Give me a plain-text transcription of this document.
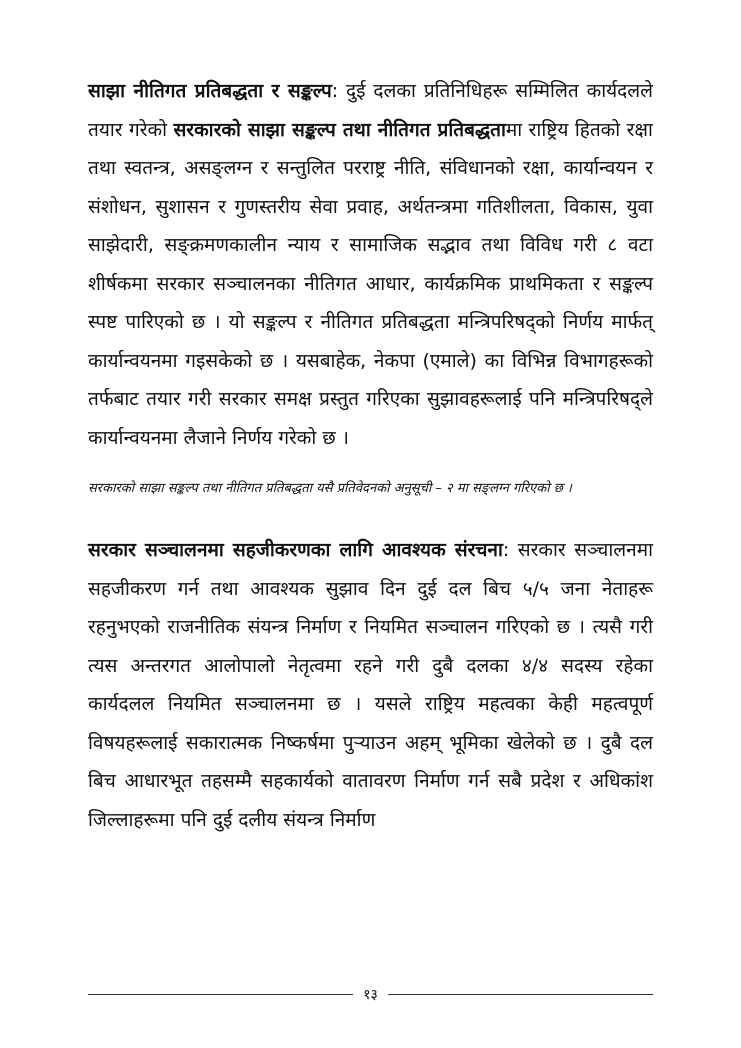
साझा नीतिगत प्रतिबद्धता र सङ्कल्प: दुई दलका प्रतिनिधिहरू सम्मिलित कार्यदलले तयार गरेको सरकारको साझा सङ्कल्प तथा नीतिगत प्रतिबद्धतामा राष्ट्रिय हितको रक्षा तथा स्वतन्त्र, असङ्लग्न र सन्तुलित परराष्ट्र नीति, संविधानको रक्षा, कार्यान्वयन र संशोधन, सुशासन र गुणस्तरीय सेवा प्रवाह, अर्थतन्त्रमा गतिशीलता, विकास, युवा साझेदारी, सङ्क्रमणकालीन न्याय र सामाजिक सद्भाव तथा विविध गरी ८ वटा शीर्षकमा सरकार सञ्चालनका नीतिगत आधार, कार्यक्रमिक प्राथमिकता र सङ्कल्प स्पष्ट पारिएको छ । यो सङ्कल्प र नीतिगत प्रतिबद्धता मन्त्रिपरिषद्को निर्णय मार्फत् कार्यान्वयनमा गइसकेको छ । यसबाहेक, नेकपा (एमाले) का विभिन्न विभागहरूको तर्फबाट तयार गरी सरकार समक्ष प्रस्तुत गरिएका सुझावहरूलाई पनि मन्त्रिपरिषद्ले कार्यान्वयनमा लैजाने निर्णय गरेको छ ।

सरकारको साझा सङ्कल्प तथा नीतिगत प्रतिबद्धता यसै प्रतिवेदनको अनुसूची – २ मा सङ्लग्न गरिएको छ ।

सरकार सञ्चालनमा सहजीकरणका लागि आवश्यक संरचना: सरकार सञ्चालनमा सहजीकरण गर्न तथा आवश्यक सुझाव दिन दुई दल बिच ५/५ जना नेताहरू रहनुभएको राजनीतिक संयन्त्र निर्माण र नियमित सञ्चालन गरिएको छ । त्यसै गरी त्यस अन्तरगत आलोपालो नेतृत्वमा रहने गरी दुबै दलका ४/४ सदस्य रहेका कार्यदलल नियमित सञ्चालनमा छ । यसले राष्ट्रिय महत्वका केही महत्वपूर्ण विषयहरूलाई सकारात्मक निष्कर्षमा पुर्‍याउन अहम् भूमिका खेलेको छ । दुबै दल बिच आधारभूत तहसम्मै सहकार्यको वातावरण निर्माण गर्न सबै प्रदेश र अधिकांश जिल्लाहरूमा पनि दुई दलीय संयन्त्र निर्माण

१३
